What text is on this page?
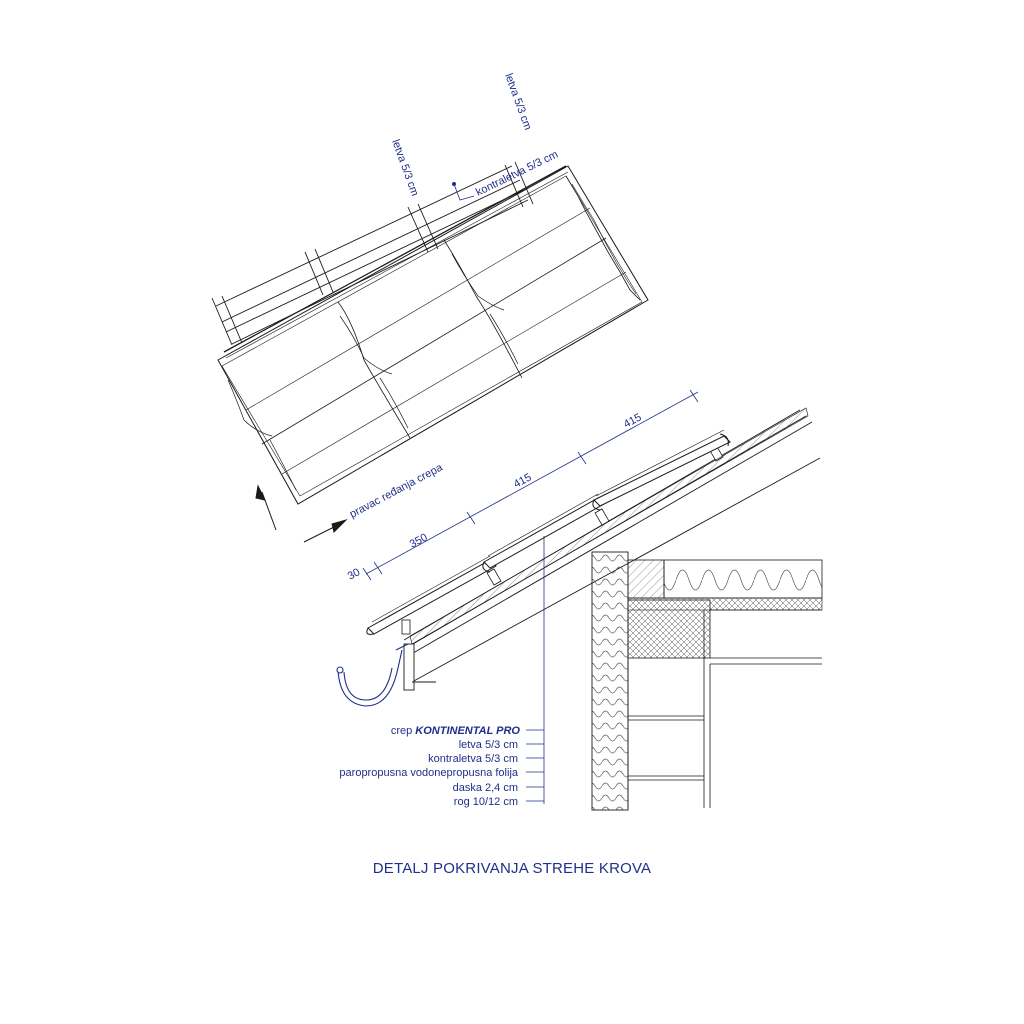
letva 5/3 cm
letva 5/3 cm
kontraletva 5/3 cm
pravac ređanja crepa
30
350
415
415
crep KONTINENTAL PRO
letva 5/3 cm
kontraletva 5/3 cm
paropropusna vodonepropusna folija
daska 2,4 cm
rog 10/12 cm
DETALJ POKRIVANJA STREHE KROVA
